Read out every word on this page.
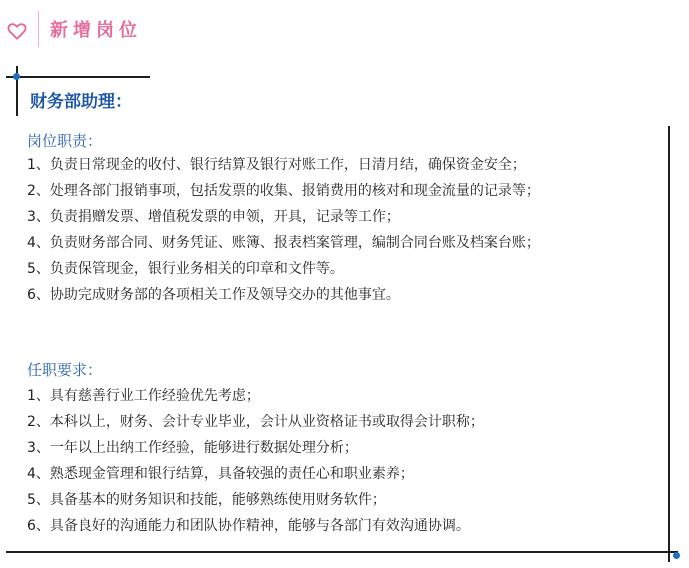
新增岗位
财务部助理：
岗位职责：
1、负责日常现金的收付、银行结算及银行对账工作，日清月结，确保资金安全；
2、处理各部门报销事项，包括发票的收集、报销费用的核对和现金流量的记录等；
3、负责捐赠发票、增值税发票的申领，开具，记录等工作；
4、负责财务部合同、财务凭证、账簿、报表档案管理，编制合同台账及档案台账；
5、负责保管现金，银行业务相关的印章和文件等。
6、协助完成财务部的各项相关工作及领导交办的其他事宜。
任职要求：
1、具有慈善行业工作经验优先考虑；
2、本科以上，财务、会计专业毕业，会计从业资格证书或取得会计职称；
3、一年以上出纳工作经验，能够进行数据处理分析；
4、熟悉现金管理和银行结算，具备较强的责任心和职业素养；
5、具备基本的财务知识和技能，能够熟练使用财务软件；
6、具备良好的沟通能力和团队协作精神，能够与各部门有效沟通协调。
